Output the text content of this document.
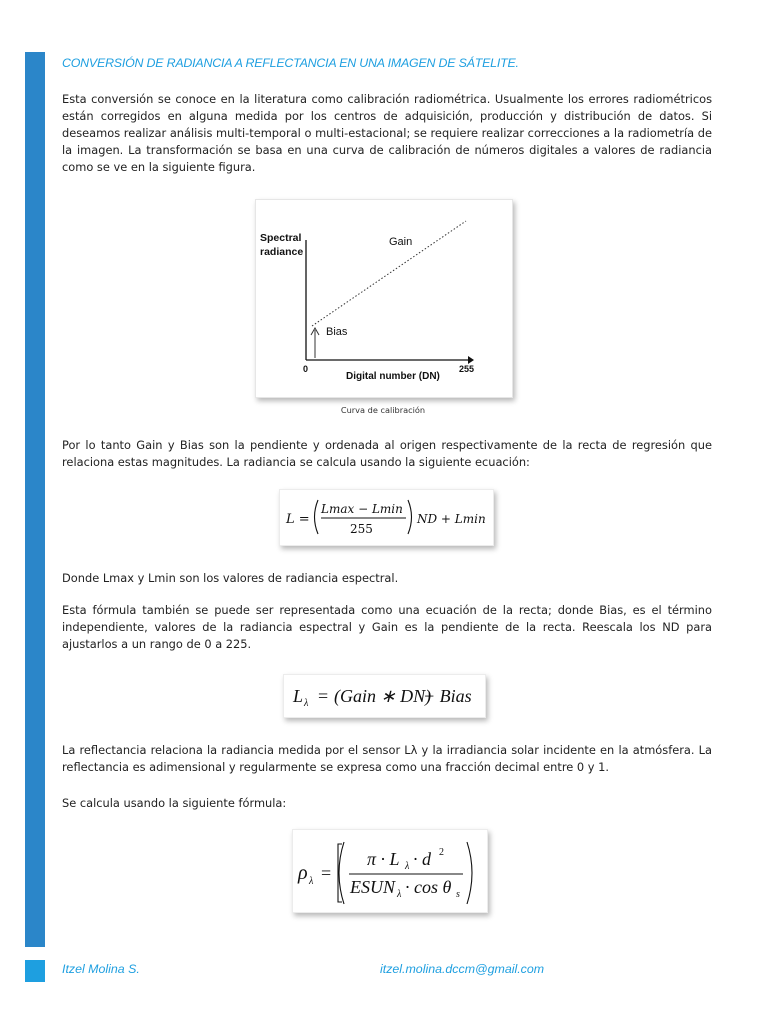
CONVERSIÓN DE RADIANCIA A REFLECTANCIA EN UNA IMAGEN DE SÁTELITE.

Esta conversión se conoce en la literatura como calibración radiométrica. Usualmente los errores radiométricos están corregidos en alguna medida por los centros de adquisición, producción y distribución de datos. Si deseamos realizar análisis multi-temporal o multi-estacional; se requiere realizar correcciones a la radiometría de la imagen. La transformación se basa en una curva de calibración de números digitales a valores de radiancia como se ve en la siguiente figura.

Spectral
radiance
Gain
Bias
0	255
Digital number (DN)
Curva de calibración

Por lo tanto Gain y Bias son la pendiente y ordenada al origen respectivamente de la recta de regresión que relaciona estas magnitudes. La radiancia se calcula usando la siguiente ecuación:

L =
Lmax − Lmin
255
ND + Lmin

Donde Lmax y Lmin son los valores de radiancia espectral.

Esta fórmula también se puede ser representada como una ecuación de la recta; donde Bias, es el término independiente, valores de la radiancia espectral y Gain es la pendiente de la recta. Reescala los ND para ajustarlos a un rango de 0 a 225.

L λ = (Gain ∗ DN)
+ Bias

La reflectancia relaciona la radiancia medida por el sensor Lλ y la irradiancia solar incidente en la atmósfera. La reflectancia es adimensional y regularmente se expresa como una fracción decimal entre 0 y 1.

Se calcula usando la siguiente fórmula:

ρ λ =
π · L λ · d 2
ESUN λ · cos θ s
Itzel Molina S.	itzel.molina.dccm@gmail.com
